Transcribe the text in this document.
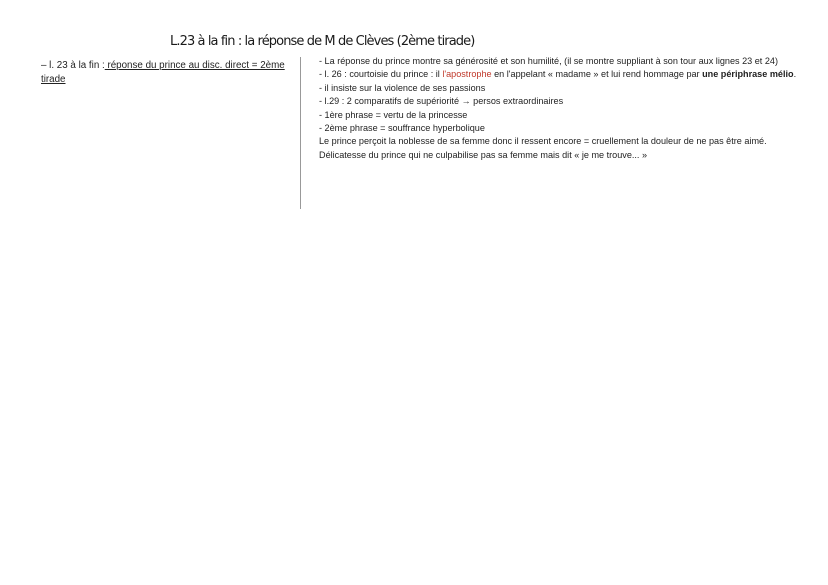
L.23 à la fin : la réponse de M de Clèves (2ème tirade)
– l. 23 à la fin : réponse du prince au disc. direct = 2ème tirade

- La réponse du prince montre sa générosité et son humilité, (il se montre suppliant à son tour aux lignes 23 et 24)

- l. 26 : courtoisie du prince : il l'apostrophe en l'appelant « madame » et lui rend hommage par une périphrase mélio.

- il insiste sur la violence de ses passions

- l.29 : 2 comparatifs de supériorité → persos extraordinaires

- 1ère phrase = vertu de la princesse

- 2ème phrase = souffrance hyperbolique

Le prince perçoit la noblesse de sa femme donc il ressent encore = cruellement la douleur de ne pas être aimé. Délicatesse du prince qui ne culpabilise pas sa femme mais dit « je me trouve... »
